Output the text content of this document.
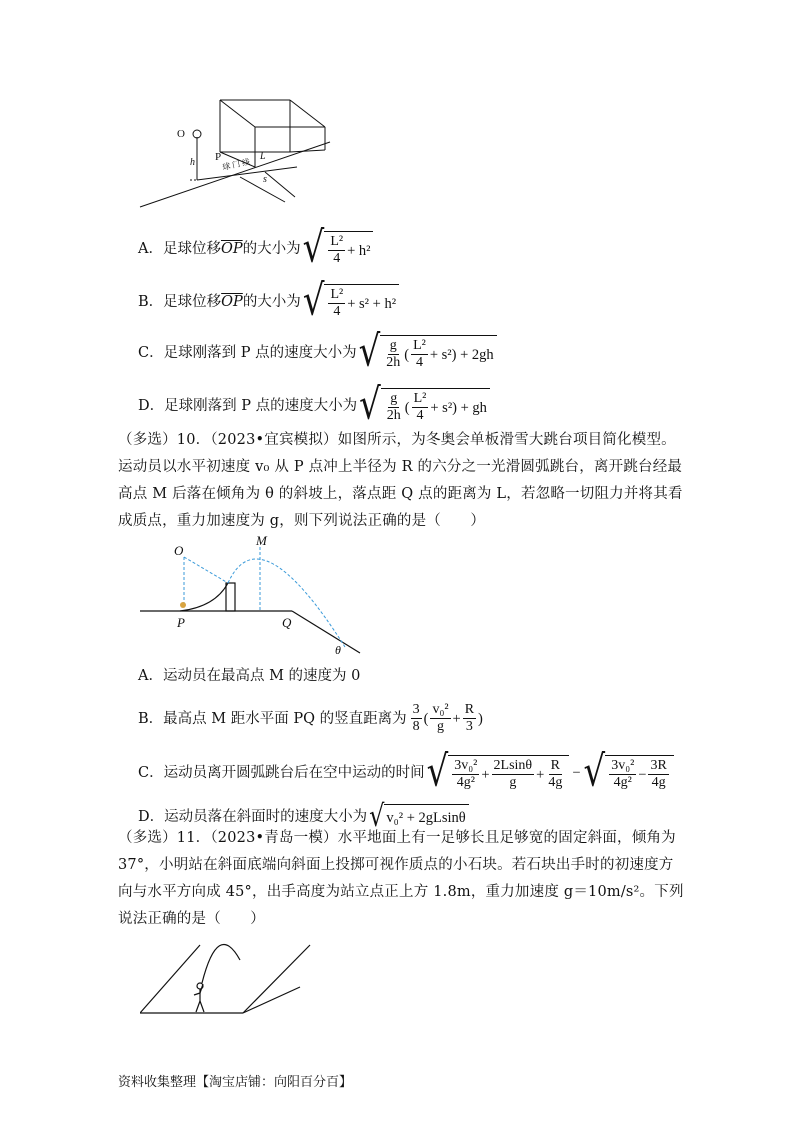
O
P
h
L
s
球 门 线
A．足球位移 $\overline{OP}$ 的大小为 √ $\frac{\text{L²}}{4} + h^2$
B．足球位移 $\overline{OP}$ 的大小为 √ $\frac{\text{L²}}{4} + s^2 + h^2$
C．足球刚落到 P 点的速度大小为 √ $\frac{g}{2h}$ ( $\frac{\text{L²}}{4} + s^2) + 2gh$
D．足球刚落到 P 点的速度大小为 √ $\frac{g}{2h}$ ( $\frac{\text{L²}}{4} + s^2$) + gh
（多选）10．（2023•宜宾模拟）如图所示，为冬奥会单板滑雪大跳台项目简化模型。运动员以水平初速度 v₀ 从 P 点冲上半径为 R 的六分之一光滑圆弧跳台，离开跳台经最高点 M 后落在倾角为 θ 的斜坡上，落点距 Q 点的距离为 L，若忽略一切阻力并将其看成质点，重力加速度为 g，则下列说法正确的是（　　）
O
M
P	Q
θ
A．运动员在最高点 M 的速度为 0
B．最高点 M 距水平面 PQ 的竖直距离为 $\frac{3}{8}$ ( $\frac{\text{v₀²}}{g} + \frac{R}{3}$ )
C．运动员离开圆弧跳台后在空中运动的时间 √ $\frac{\text{3v₀²}}{\text{4g²}} + \frac{2Lsin\theta}{g} + \frac{R}{4g}$ − √ $\frac{\text{3v₀²}}{\text{4g²}} - \frac{3R}{4g}$
D．运动员落在斜面时的速度大小为 √ v₀² + 2gLsinθ
（多选）11．（2023•青岛一模）水平地面上有一足够长且足够宽的固定斜面，倾角为 37°，小明站在斜面底端向斜面上投掷可视作质点的小石块。若石块出手时的初速度方向与水平方向成 45°，出手高度为站立点正上方 1.8m，重力加速度 g＝10m/s²。下列说法正确的是（　　）
资料收集整理【淘宝店铺：向阳百分百】
